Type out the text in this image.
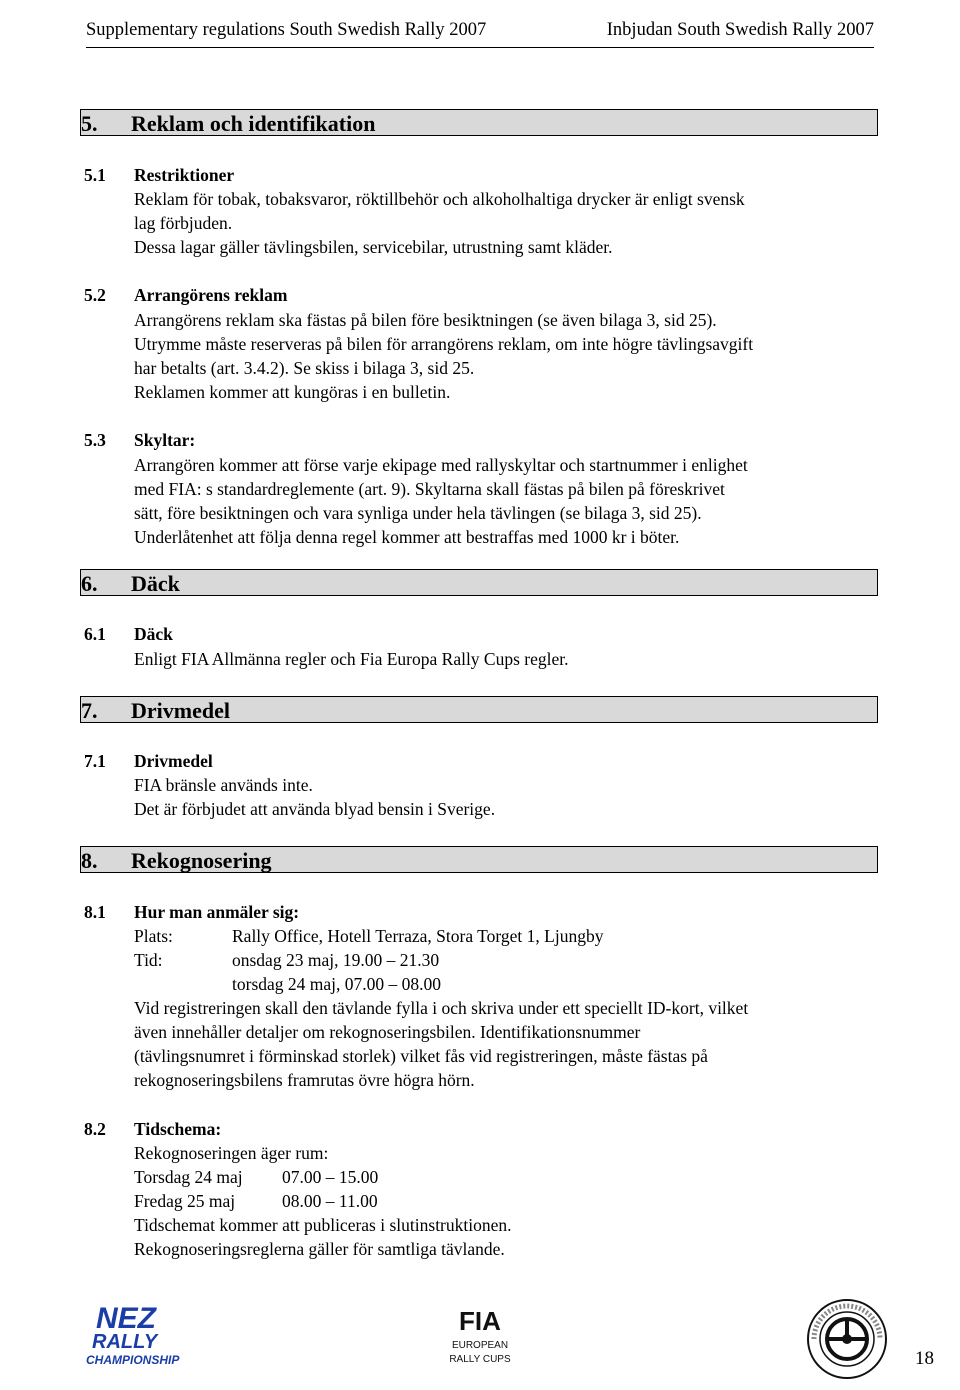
Supplementary regulations South Swedish Rally 2007	Inbjudan South Swedish Rally 2007
5. Reklam och identifikation
5.1 Restriktioner
Reklam för tobak, tobaksvaror, röktillbehör och alkoholhaltiga drycker är enligt svensk
lag förbjuden.
Dessa lagar gäller tävlingsbilen, servicebilar, utrustning samt kläder.
5.2 Arrangörens reklam
Arrangörens reklam ska fästas på bilen före besiktningen (se även bilaga 3, sid 25).
Utrymme måste reserveras på bilen för arrangörens reklam, om inte högre tävlingsavgift
har betalts (art. 3.4.2). Se skiss i bilaga 3, sid 25.
Reklamen kommer att kungöras i en bulletin.
5.3 Skyltar:
Arrangören kommer att förse varje ekipage med rallyskyltar och startnummer i enlighet
med FIA: s standardreglemente (art. 9). Skyltarna skall fästas på bilen på föreskrivet
sätt, före besiktningen och vara synliga under hela tävlingen (se bilaga 3, sid 25).
Underlåtenhet att följa denna regel kommer att bestraffas med 1000 kr i böter.
6. Däck
6.1 Däck
Enligt FIA Allmänna regler och Fia Europa Rally Cups regler.
7. Drivmedel
7.1 Drivmedel
FIA bränsle används inte.
Det är förbjudet att använda blyad bensin i Sverige.
8. Rekognosering
8.1 Hur man anmäler sig:
Plats:	Rally Office, Hotell Terraza, Stora Torget 1, Ljungby
Tid:	onsdag 23 maj, 19.00 – 21.30
torsdag 24 maj, 07.00 – 08.00
Vid registreringen skall den tävlande fylla i och skriva under ett speciellt ID-kort, vilket
även innehåller detaljer om rekognoseringsbilen. Identifikationsnummer
(tävlingsnumret i förminskad storlek) vilket fås vid registreringen, måste fästas på
rekognoseringsbilens framrutas övre högra hörn.
8.2 Tidschema:
Rekognoseringen äger rum:
Torsdag 24 maj 07.00 – 15.00
Fredag 25 maj	08.00 – 11.00
Tidschemat kommer att publiceras i slutinstruktionen.
Rekognoseringsreglerna gäller för samtliga tävlande.
NEZ
RALLY
CHAMPIONSHIP
FIA
EUROPEAN
RALLY CUPS	18
